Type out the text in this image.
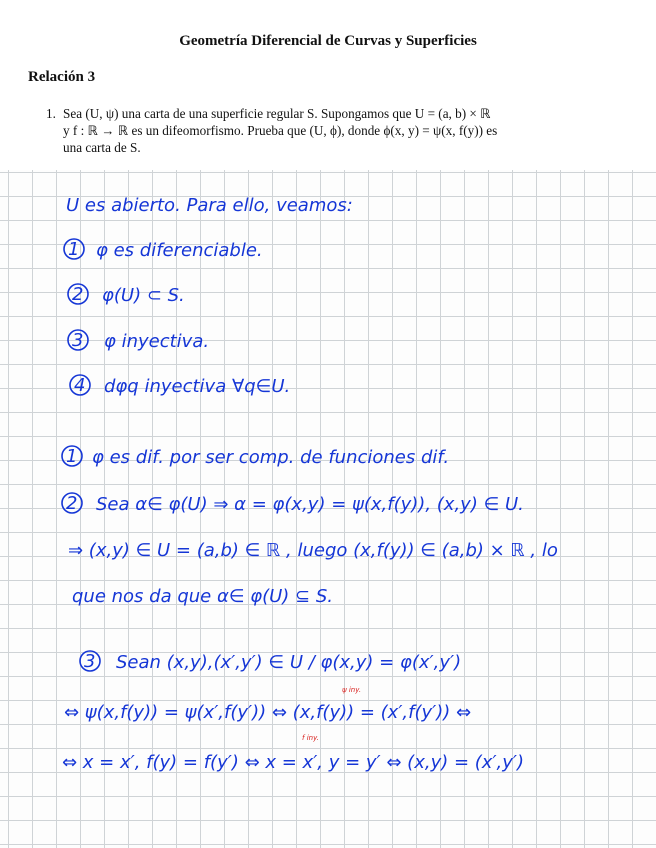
Geometría Diferencial de Curvas y Superficies
Relación 3
1. Sea (U, ψ) una carta de una superficie regular S. Supongamos que U = (a, b) × ℝ
y f : ℝ → ℝ es un difeomorfismo. Prueba que (U, ϕ), donde ϕ(x, y) = ψ(x, f(y)) es
una carta de S.
U es abierto. Para ello, veamos:
1 φ es diferenciable.
2 φ(U) ⊂ S.
3 φ inyectiva.
4 dφq inyectiva ∀q∈U.
1 φ es dif. por ser comp. de funciones dif.
2 Sea α∈ φ(U) ⇒ α = φ(x,y) = ψ(x,f(y)), (x,y) ∈ U.
⇒ (x,y) ∈ U = (a,b) ∈ ℝ , luego (x,f(y)) ∈ (a,b) × ℝ , lo
que nos da que α∈ φ(U) ⊆ S.
3 Sean (x,y),(x′,y′) ∈ U / φ(x,y) = φ(x′,y′)
⇔ ψ(x,f(y)) = ψ(x′,f(y′)) ⇔ (x,f(y)) = (x′,f(y′)) ⇔
⇔ x = x′, f(y) = f(y′) ⇔ x = x′, y = y′ ⇔ (x,y) = (x′,y′)
ψ iny.
f iny.
